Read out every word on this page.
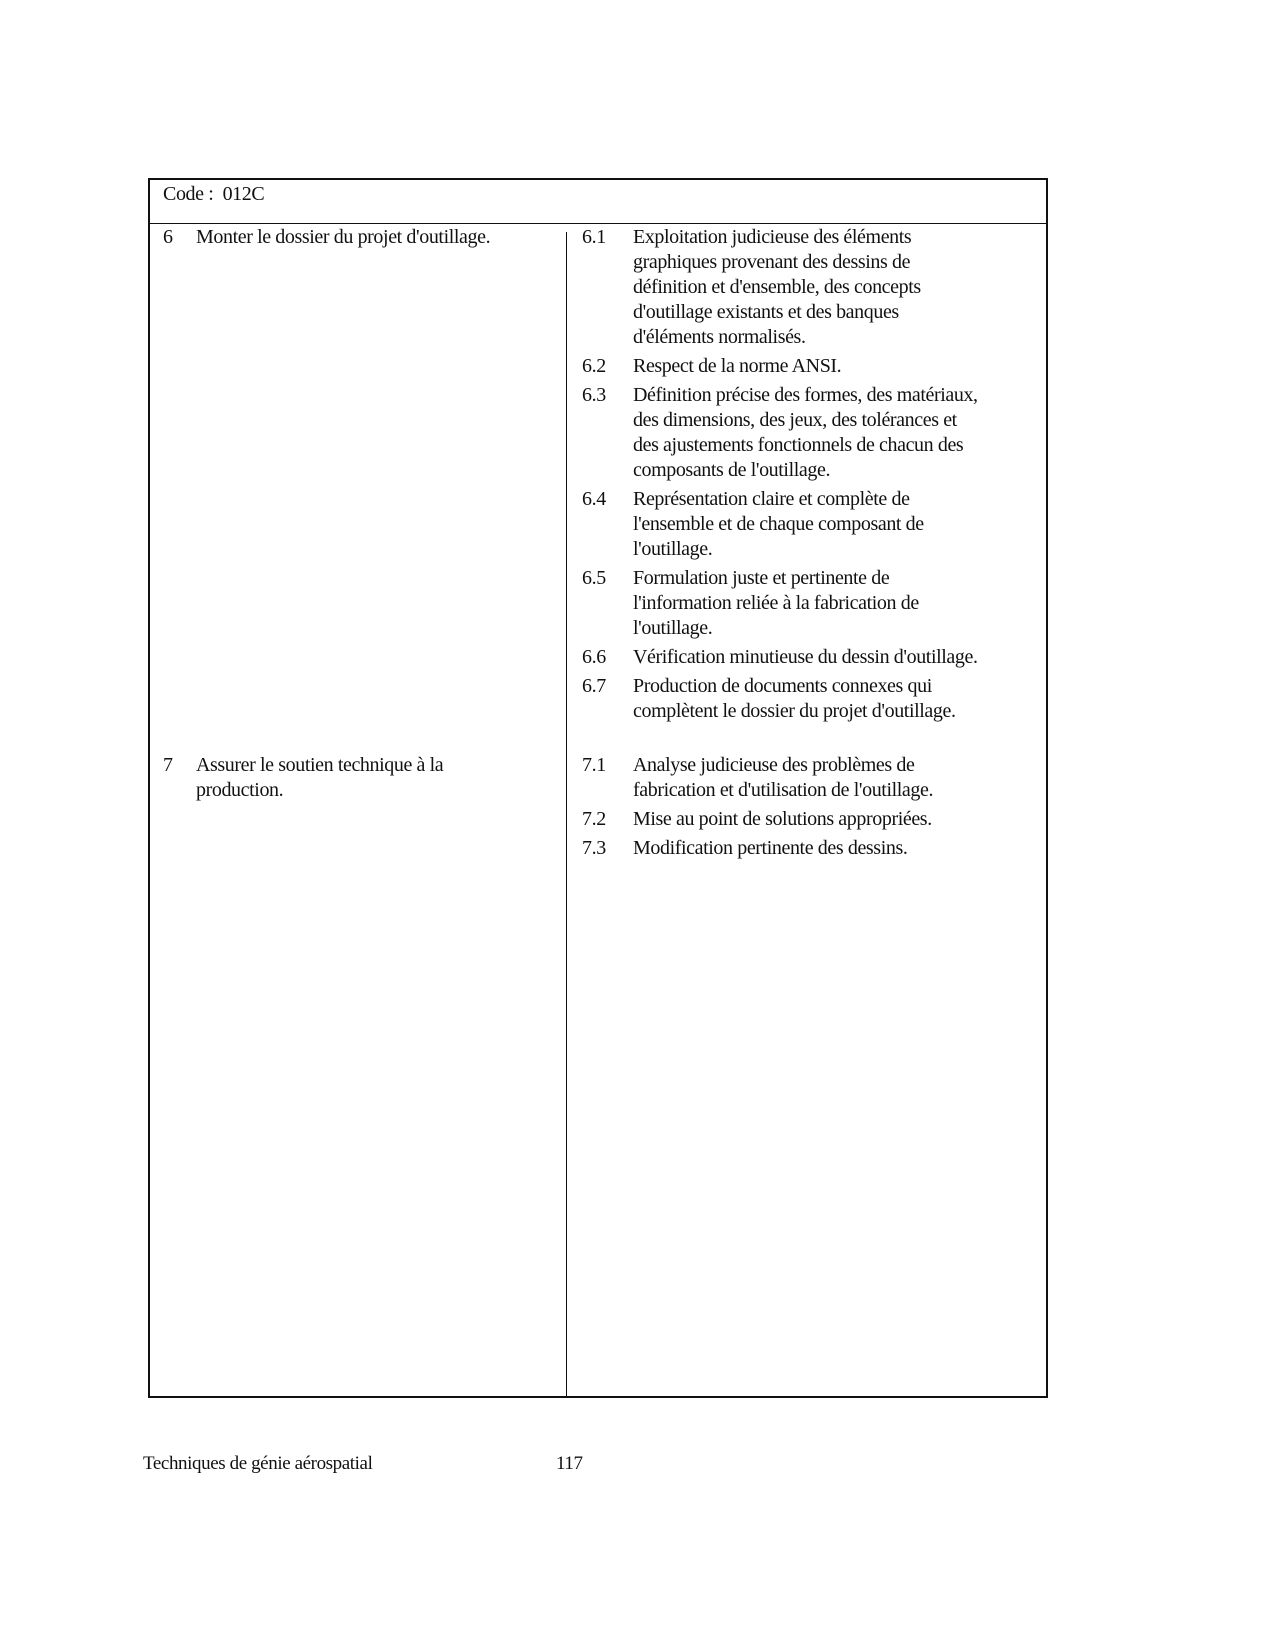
Code : 012C
6 Monter le dossier du projet d'outillage.	6.1 Exploitation judicieuse des éléments
graphiques provenant des dessins de
définition et d'ensemble, des concepts
d'outillage existants et des banques
d'éléments normalisés.
6.2 Respect de la norme ANSI.
6.3 Définition précise des formes, des matériaux,
des dimensions, des jeux, des tolérances et
des ajustements fonctionnels de chacun des
composants de l'outillage.
6.4 Représentation claire et complète de
l'ensemble et de chaque composant de
l'outillage.
6.5 Formulation juste et pertinente de
l'information reliée à la fabrication de
l'outillage.
6.6 Vérification minutieuse du dessin d'outillage.
6.7 Production de documents connexes qui
complètent le dossier du projet d'outillage.
7 Assurer le soutien technique à la
production.
7.1 Analyse judicieuse des problèmes de
fabrication et d'utilisation de l'outillage.
7.2 Mise au point de solutions appropriées.
7.3 Modification pertinente des dessins.
Techniques de génie aérospatial	117
